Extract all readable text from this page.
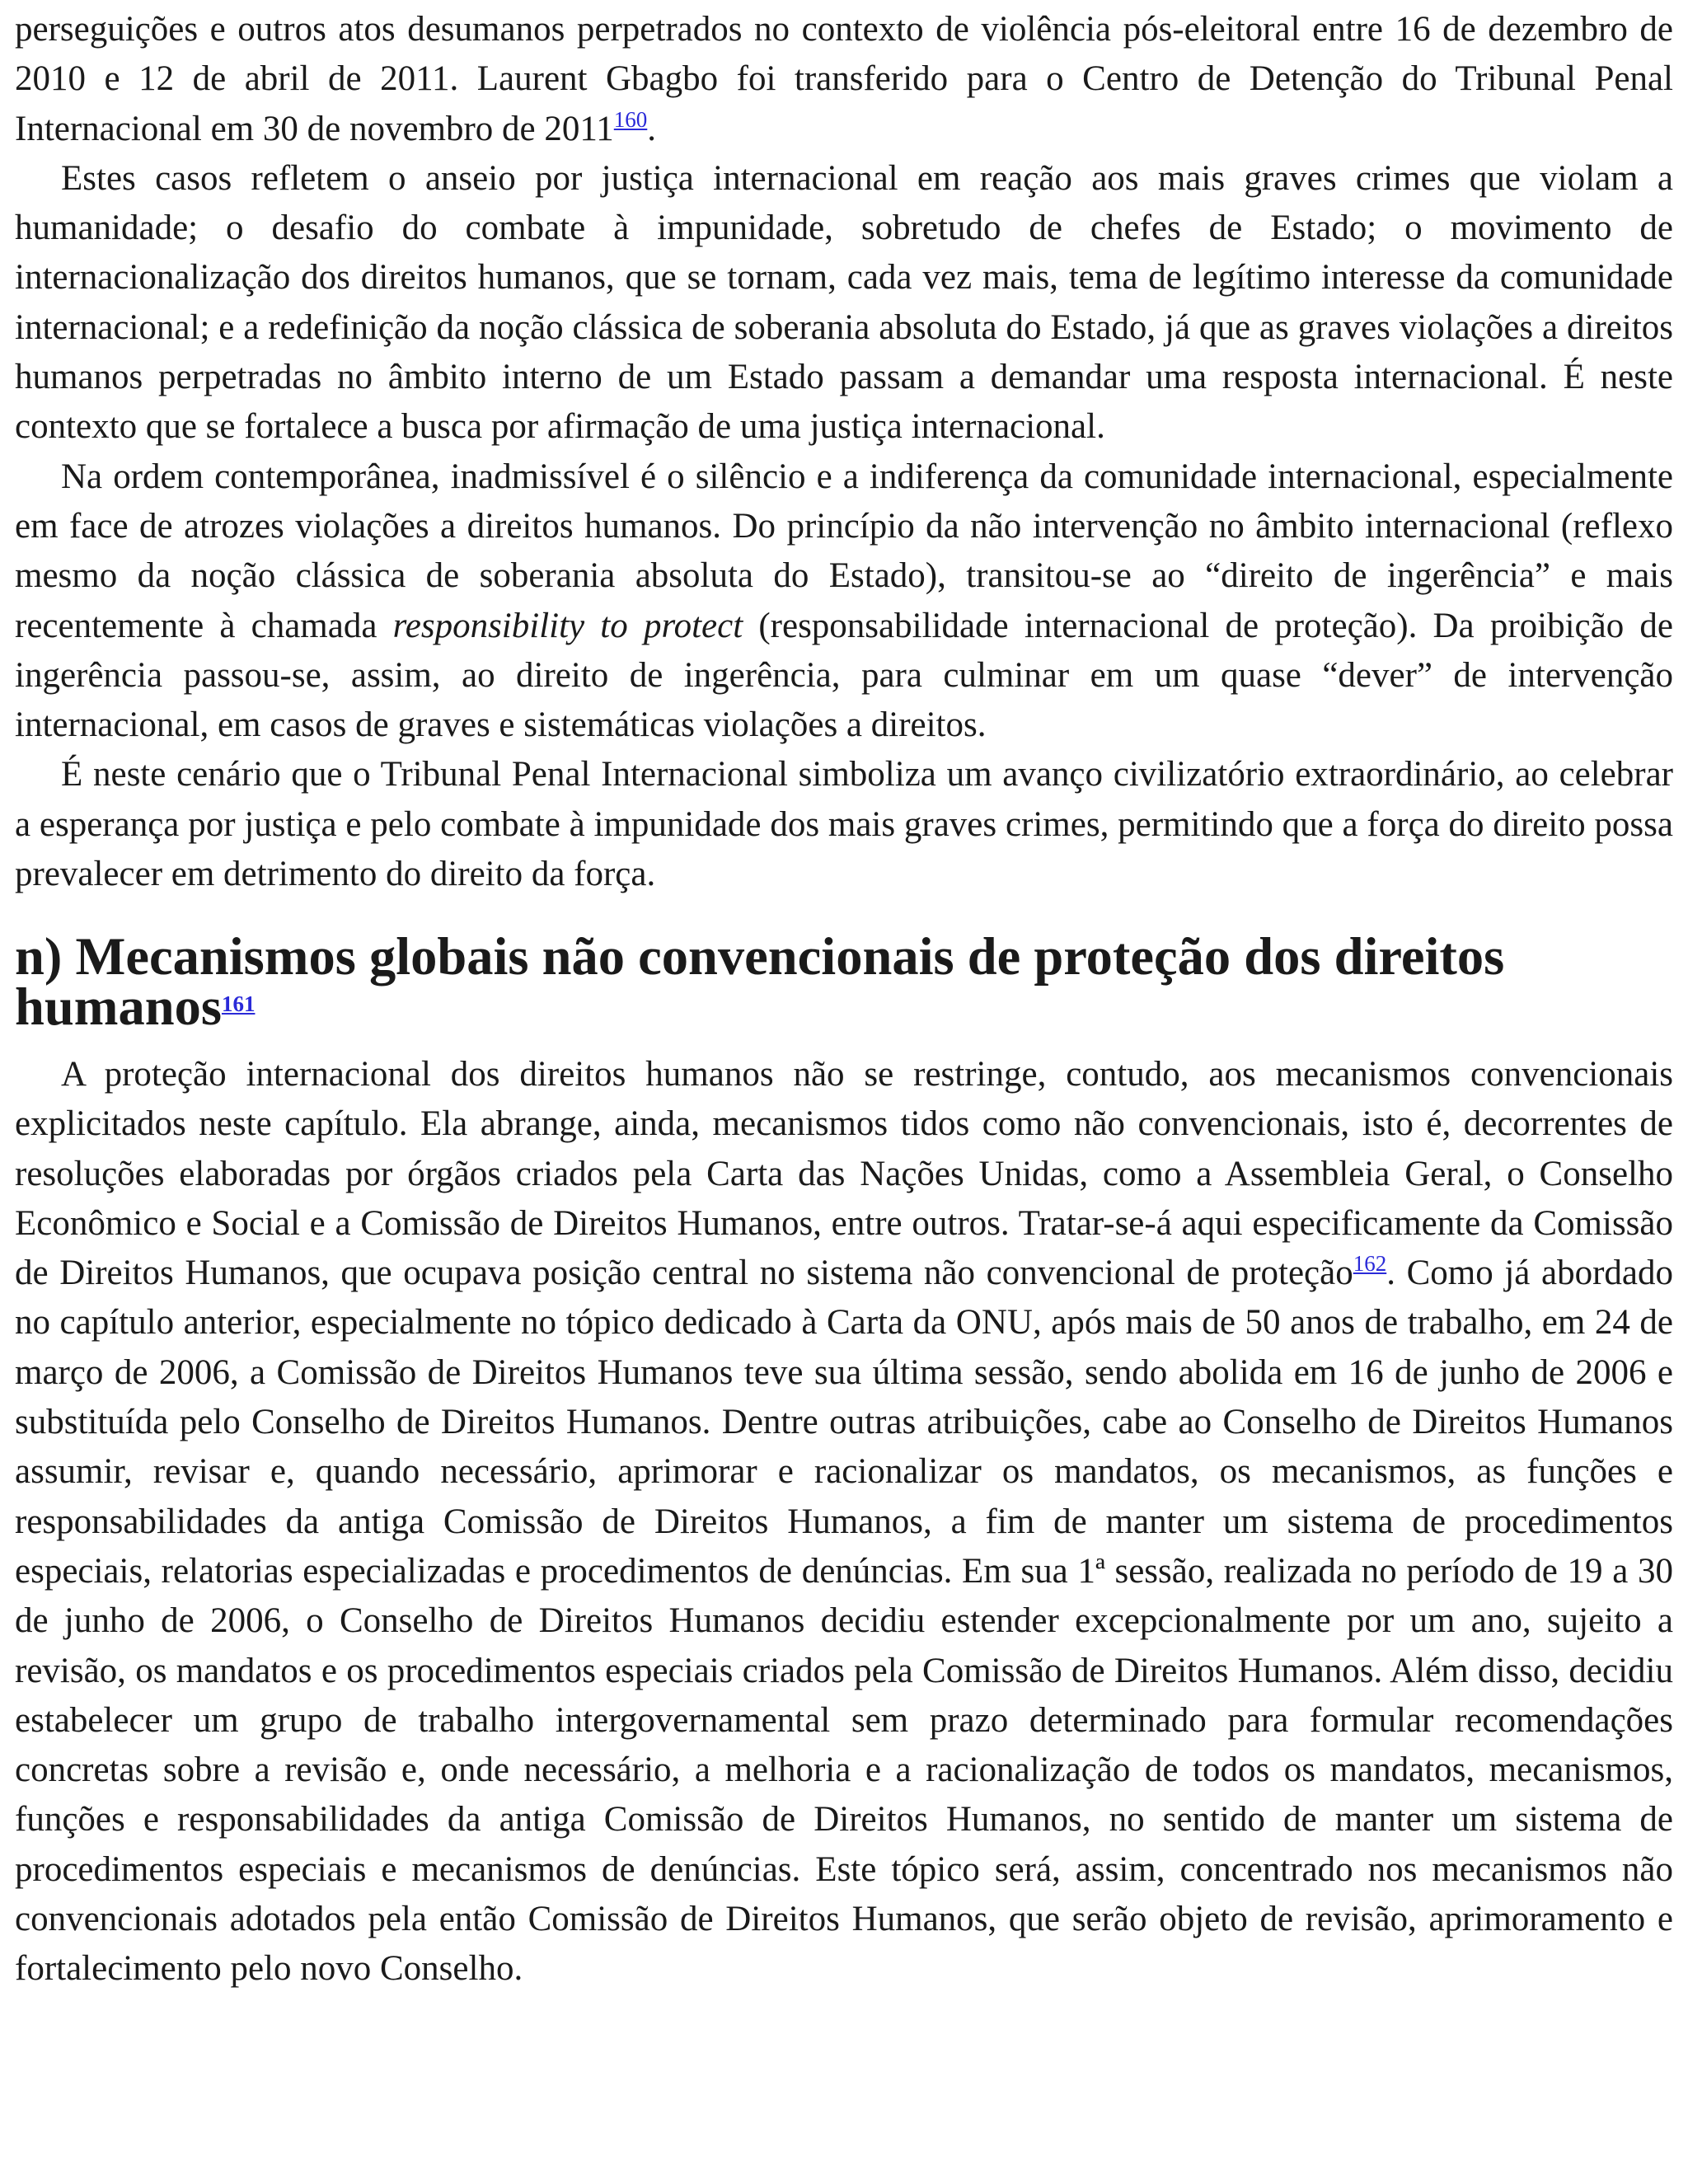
perseguições e outros atos desumanos perpetrados no contexto de violência pós-eleitoral entre 16 de dezembro de 2010 e 12 de abril de 2011. Laurent Gbagbo foi transferido para o Centro de Detenção do Tribunal Penal Internacional em 30 de novembro de 2011$^{160}$.

Estes casos refletem o anseio por justiça internacional em reação aos mais graves crimes que violam a humanidade; o desafio do combate à impunidade, sobretudo de chefes de Estado; o movimento de internacionalização dos direitos humanos, que se tornam, cada vez mais, tema de legítimo interesse da comunidade internacional; e a redefinição da noção clássica de soberania absoluta do Estado, já que as graves violações a direitos humanos perpetradas no âmbito interno de um Estado passam a demandar uma resposta internacional. É neste contexto que se fortalece a busca por afirmação de uma justiça internacional.

Na ordem contemporânea, inadmissível é o silêncio e a indiferença da comunidade internacional, especialmente em face de atrozes violações a direitos humanos. Do princípio da não intervenção no âmbito internacional (reflexo mesmo da noção clássica de soberania absoluta do Estado), transitou-se ao “direito de ingerência” e mais recentemente à chamada responsibility to protect (responsabilidade internacional de proteção). Da proibição de ingerência passou-se, assim, ao direito de ingerência, para culminar em um quase “dever” de intervenção internacional, em casos de graves e sistemáticas violações a direitos.

É neste cenário que o Tribunal Penal Internacional simboliza um avanço civilizatório extraordinário, ao celebrar a esperança por justiça e pelo combate à impunidade dos mais graves crimes, permitindo que a força do direito possa prevalecer em detrimento do direito da força.

n) Mecanismos globais não convencionais de proteção dos direitos humanos$^{161}$

A proteção internacional dos direitos humanos não se restringe, contudo, aos mecanismos convencionais explicitados neste capítulo. Ela abrange, ainda, mecanismos tidos como não convencionais, isto é, decorrentes de resoluções elaboradas por órgãos criados pela Carta das Nações Unidas, como a Assembleia Geral, o Conselho Econômico e Social e a Comissão de Direitos Humanos, entre outros. Tratar-se-á aqui especificamente da Comissão de Direitos Humanos, que ocupava posição central no sistema não convencional de proteção$^{162}$. Como já abordado no capítulo anterior, especialmente no tópico dedicado à Carta da ONU, após mais de 50 anos de trabalho, em 24 de março de 2006, a Comissão de Direitos Humanos teve sua última sessão, sendo abolida em 16 de junho de 2006 e substituída pelo Conselho de Direitos Humanos. Dentre outras atribuições, cabe ao Conselho de Direitos Humanos assumir, revisar e, quando necessário, aprimorar e racionalizar os mandatos, os mecanismos, as funções e responsabilidades da antiga Comissão de Direitos Humanos, a fim de manter um sistema de procedimentos especiais, relatorias especializadas e procedimentos de denúncias. Em sua 1ª sessão, realizada no período de 19 a 30 de junho de 2006, o Conselho de Direitos Humanos decidiu estender excepcionalmente por um ano, sujeito a revisão, os mandatos e os procedimentos especiais criados pela Comissão de Direitos Humanos. Além disso, decidiu estabelecer um grupo de trabalho intergovernamental sem prazo determinado para formular recomendações concretas sobre a revisão e, onde necessário, a melhoria e a racionalização de todos os mandatos, mecanismos, funções e responsabilidades da antiga Comissão de Direitos Humanos, no sentido de manter um sistema de procedimentos especiais e mecanismos de denúncias. Este tópico será, assim, concentrado nos mecanismos não convencionais adotados pela então Comissão de Direitos Humanos, que serão objeto de revisão, aprimoramento e fortalecimento pelo novo Conselho.
